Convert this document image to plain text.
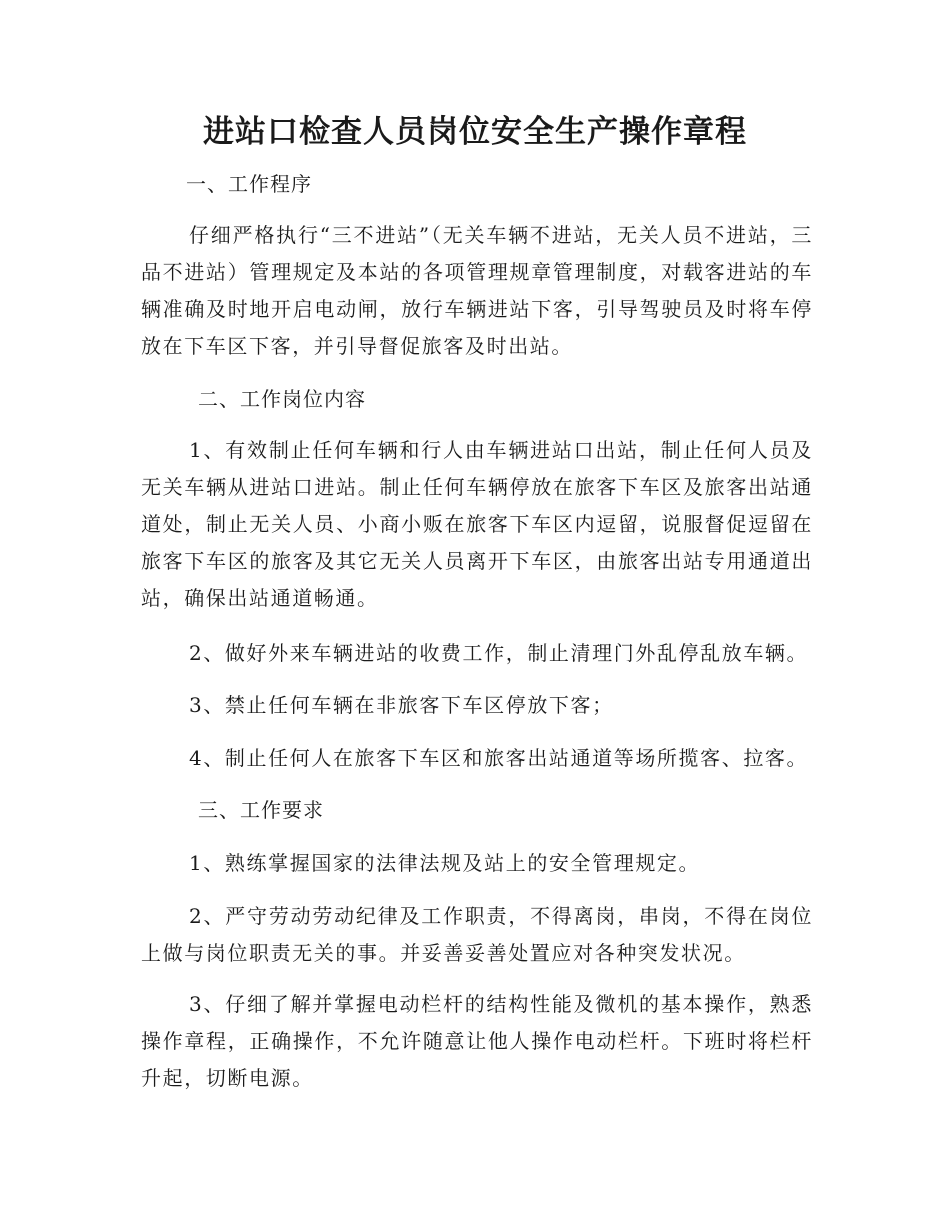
进站口检查人员岗位安全生产操作章程
一、工作程序

仔细严格执行“三不进站”（无关车辆不进站，无关人员不进站，三品不进站）管理规定及本站的各项管理规章管理制度，对载客进站的车辆准确及时地开启电动闸，放行车辆进站下客，引导驾驶员及时将车停放在下车区下客，并引导督促旅客及时出站。

二、工作岗位内容

1、有效制止任何车辆和行人由车辆进站口出站，制止任何人员及无关车辆从进站口进站。制止任何车辆停放在旅客下车区及旅客出站通道处，制止无关人员、小商小贩在旅客下车区内逗留，说服督促逗留在旅客下车区的旅客及其它无关人员离开下车区，由旅客出站专用通道出站，确保出站通道畅通。

2、做好外来车辆进站的收费工作，制止清理门外乱停乱放车辆。

3、禁止任何车辆在非旅客下车区停放下客；

4、制止任何人在旅客下车区和旅客出站通道等场所揽客、拉客。

三、工作要求

1、熟练掌握国家的法律法规及站上的安全管理规定。

2、严守劳动劳动纪律及工作职责，不得离岗，串岗，不得在岗位上做与岗位职责无关的事。并妥善妥善处置应对各种突发状况。

3、仔细了解并掌握电动栏杆的结构性能及微机的基本操作，熟悉操作章程，正确操作，不允许随意让他人操作电动栏杆。下班时将栏杆升起，切断电源。
